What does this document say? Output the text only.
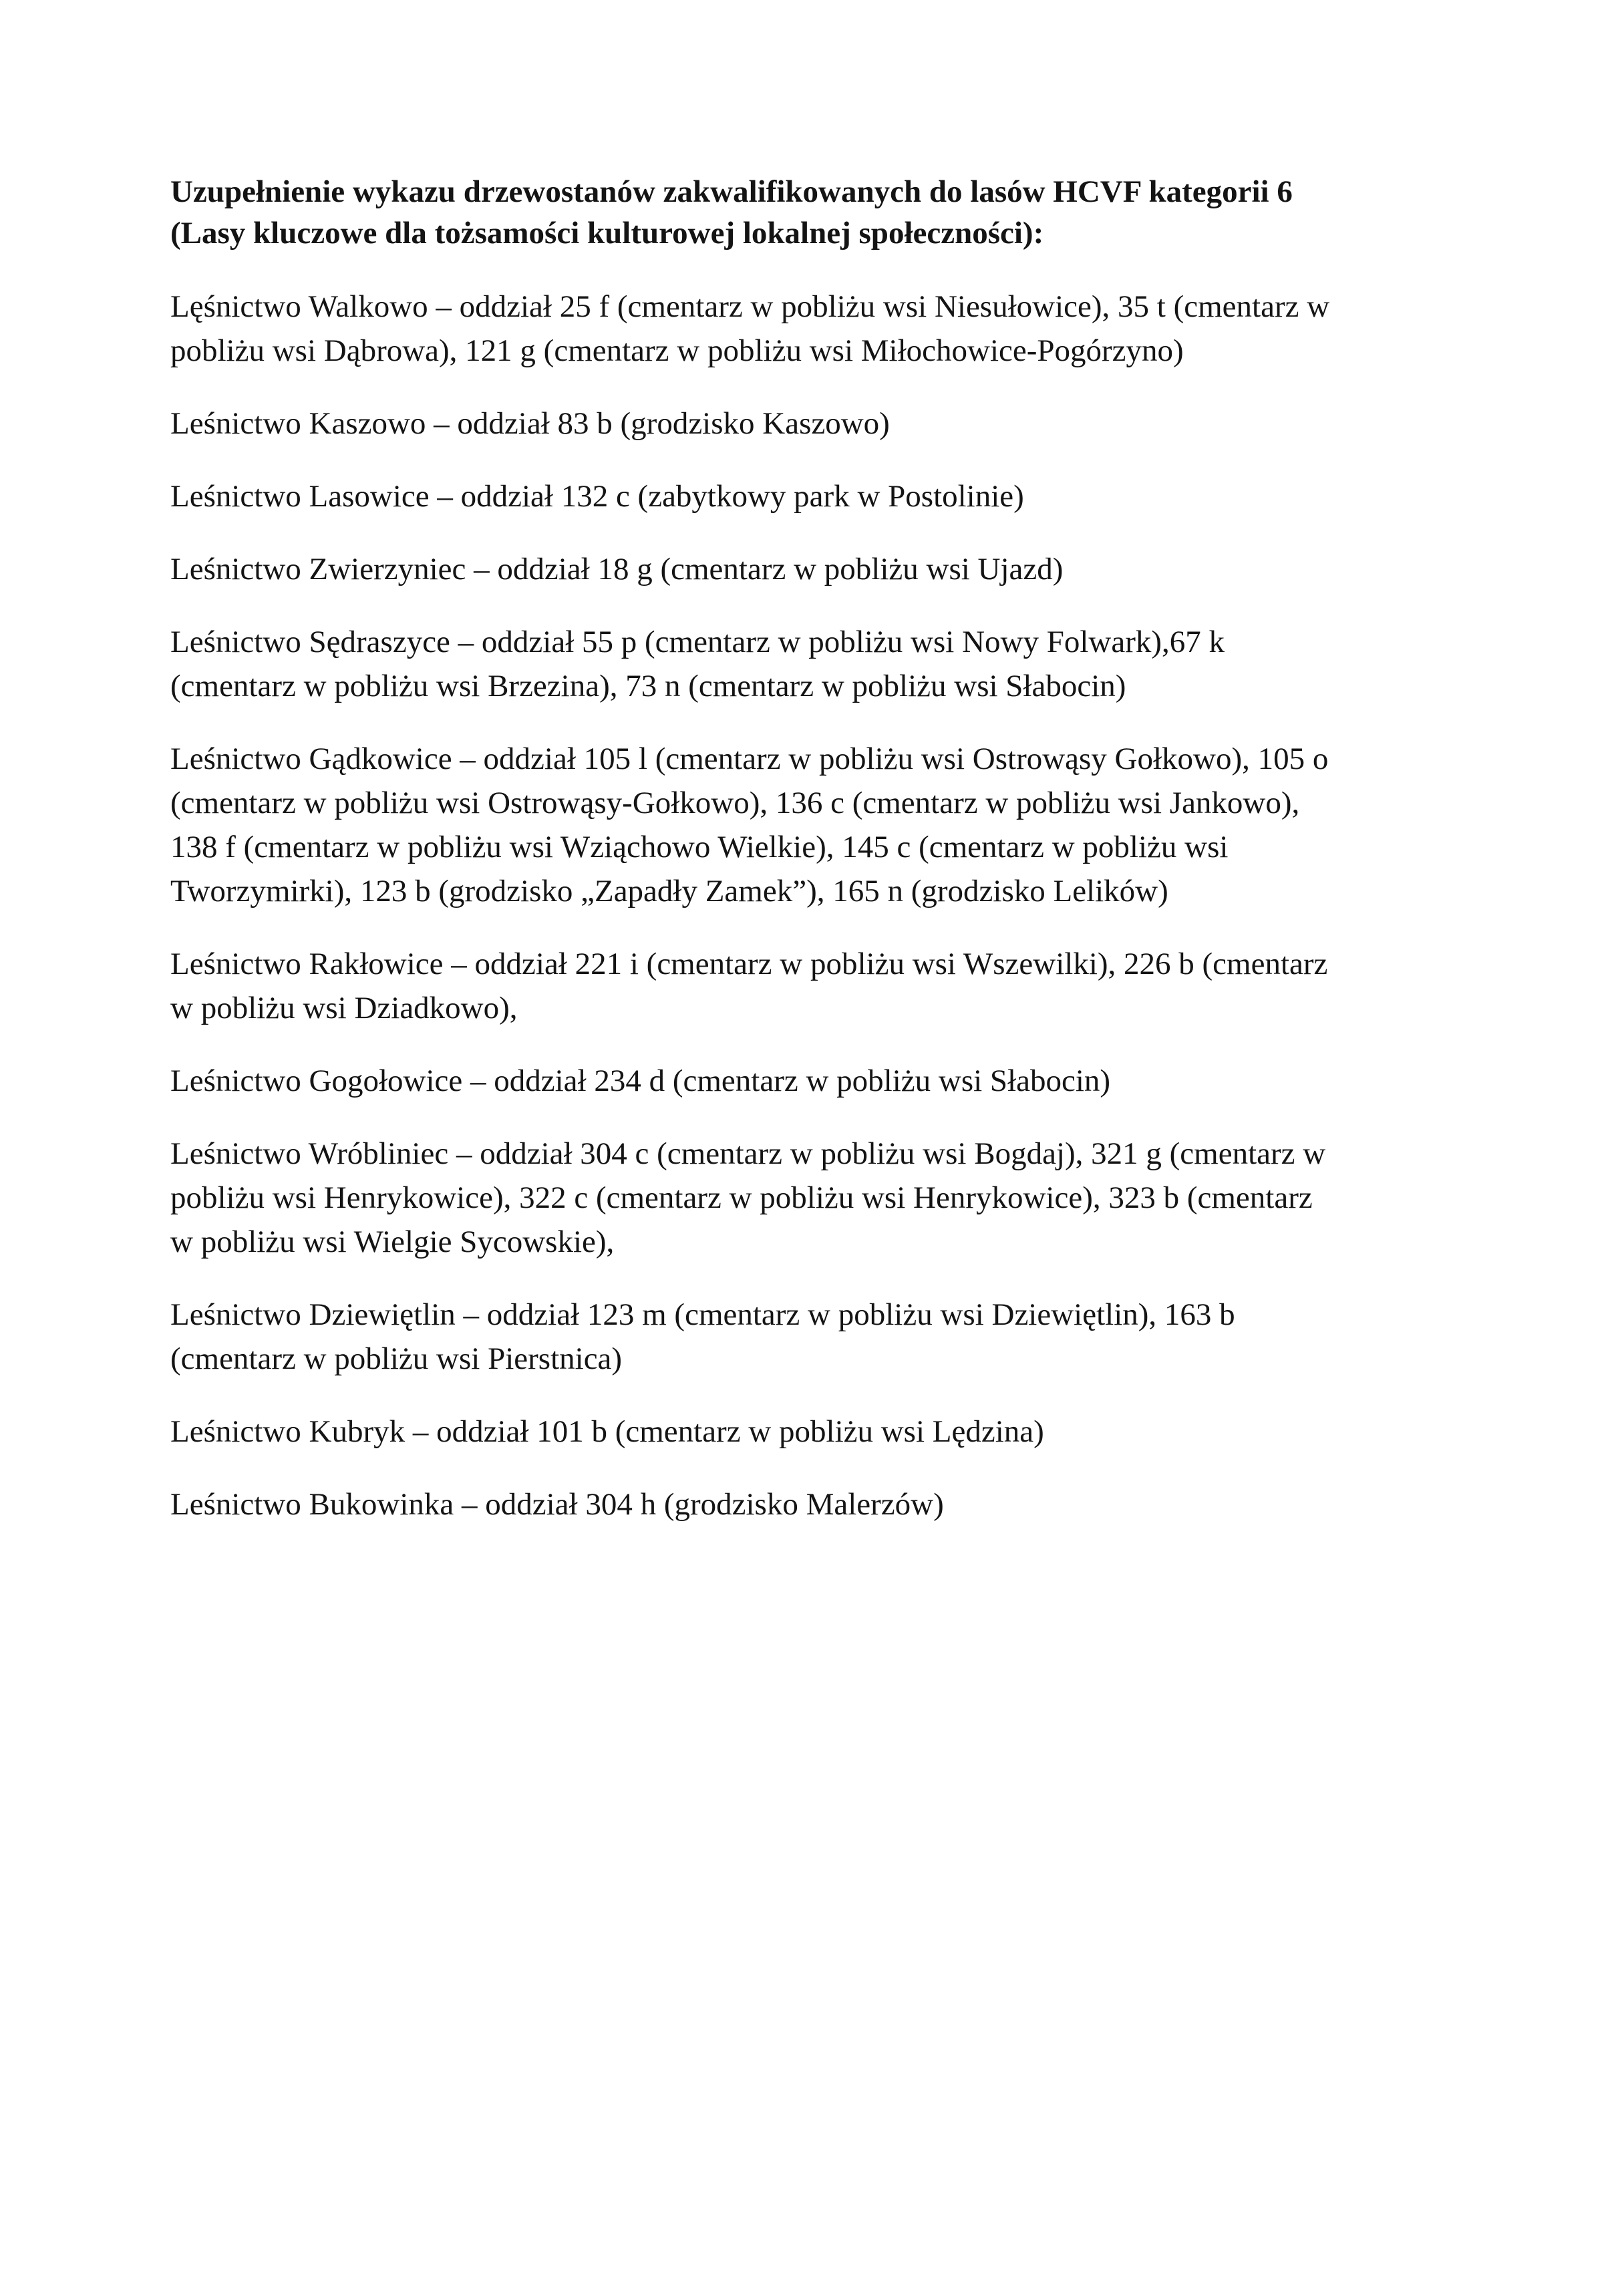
Uzupełnienie wykazu drzewostanów zakwalifikowanych do lasów HCVF kategorii 6
(Lasy kluczowe dla tożsamości kulturowej lokalnej społeczności):
Lęśnictwo Walkowo – oddział 25 f (cmentarz w pobliżu wsi Niesułowice), 35 t (cmentarz w
pobliżu wsi Dąbrowa), 121 g (cmentarz w pobliżu wsi Miłochowice-Pogórzyno)
Leśnictwo Kaszowo – oddział 83 b (grodzisko Kaszowo)
Leśnictwo Lasowice – oddział 132 c (zabytkowy park w Postolinie)
Leśnictwo Zwierzyniec – oddział 18 g (cmentarz w pobliżu wsi Ujazd)
Leśnictwo Sędraszyce – oddział 55 p (cmentarz w pobliżu wsi Nowy Folwark),67 k
(cmentarz w pobliżu wsi Brzezina), 73 n (cmentarz w pobliżu wsi Słabocin)
Leśnictwo Gądkowice – oddział 105 l (cmentarz w pobliżu wsi Ostrowąsy Gołkowo), 105 o
(cmentarz w pobliżu wsi Ostrowąsy-Gołkowo), 136 c (cmentarz w pobliżu wsi Jankowo),
138 f (cmentarz w pobliżu wsi Wziąchowo Wielkie), 145 c (cmentarz w pobliżu wsi
Tworzymirki), 123 b (grodzisko „Zapadły Zamek”), 165 n (grodzisko Lelików)
Leśnictwo Rakłowice – oddział 221 i (cmentarz w pobliżu wsi Wszewilki), 226 b (cmentarz
w pobliżu wsi Dziadkowo),
Leśnictwo Gogołowice – oddział 234 d (cmentarz w pobliżu wsi Słabocin)
Leśnictwo Wróbliniec – oddział 304 c (cmentarz w pobliżu wsi Bogdaj), 321 g (cmentarz w
pobliżu wsi Henrykowice), 322 c (cmentarz w pobliżu wsi Henrykowice), 323 b (cmentarz
w pobliżu wsi Wielgie Sycowskie),
Leśnictwo Dziewiętlin – oddział 123 m (cmentarz w pobliżu wsi Dziewiętlin), 163 b
(cmentarz w pobliżu wsi Pierstnica)
Leśnictwo Kubryk – oddział 101 b (cmentarz w pobliżu wsi Lędzina)
Leśnictwo Bukowinka – oddział 304 h (grodzisko Malerzów)
